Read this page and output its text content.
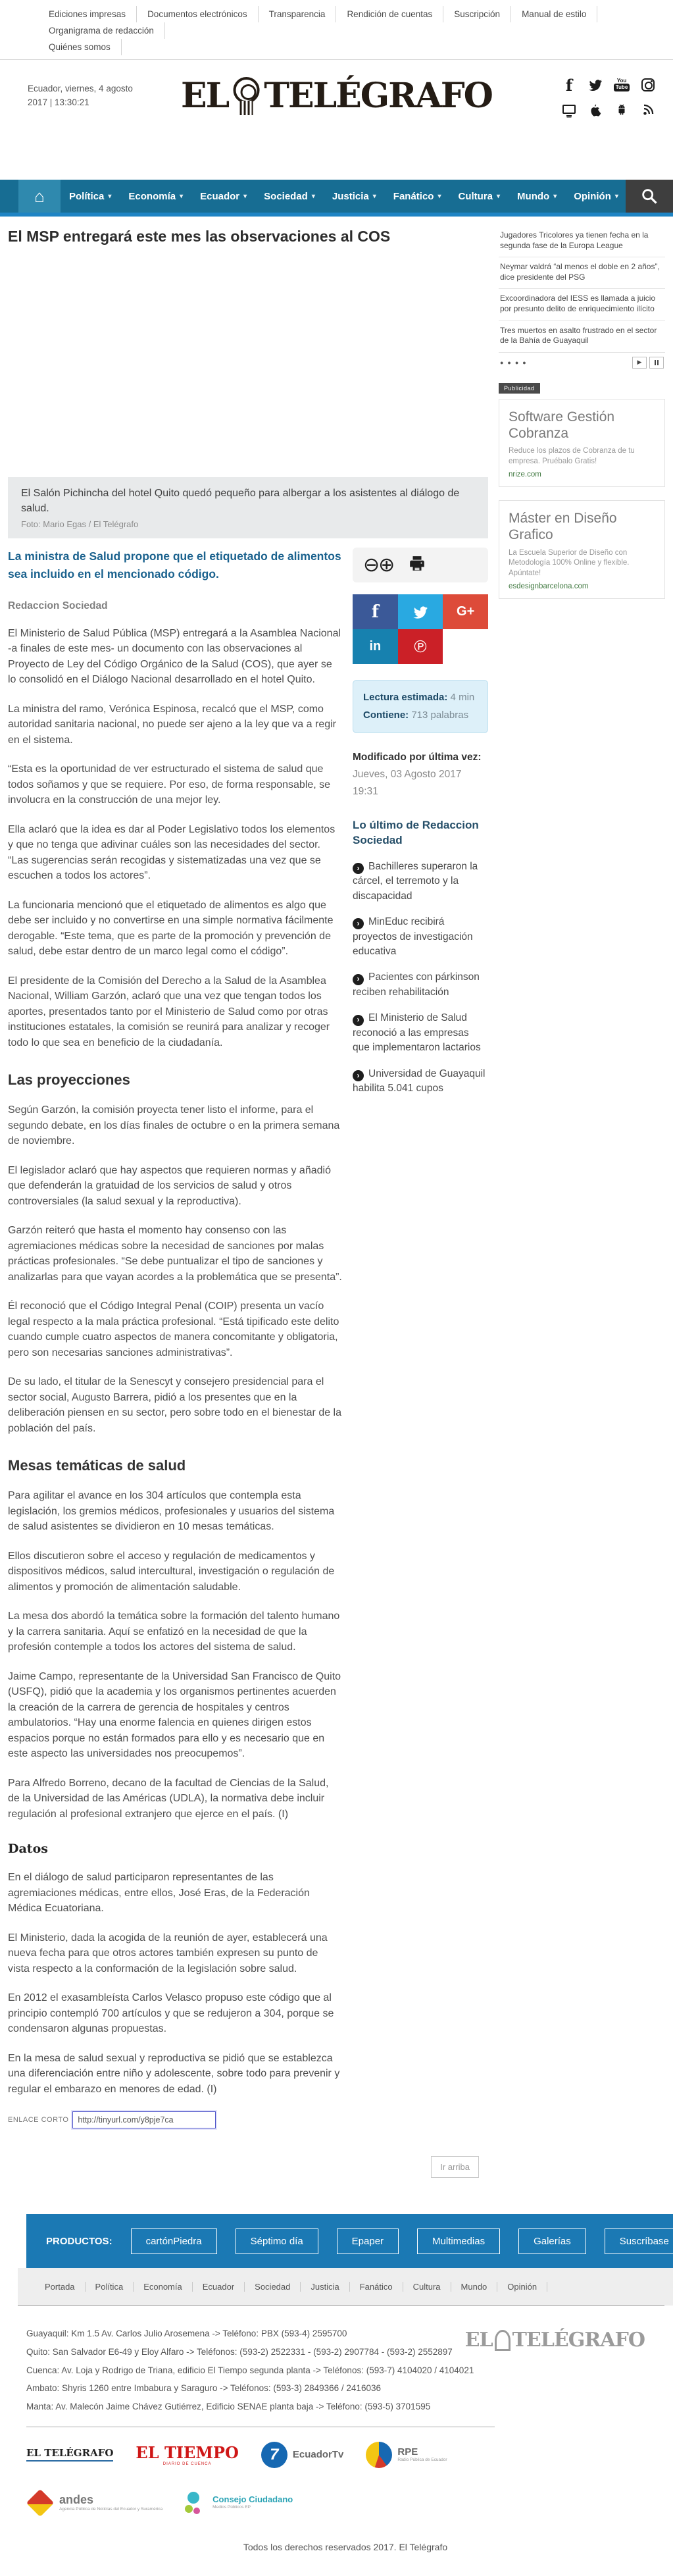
Ediciones impresas	Documentos electrónicos	Transparencia	Rendición de cuentas	Suscripción	Manual de estilo
Organigrama de redacción
Quiénes somos
Ecuador, viernes, 4 agosto
2017 | 13:30:21	EL TELÉGRAFO	f	You
Tube
⌂	Política ▾ Economía ▾ Ecuador ▾ Sociedad ▾ Justicia ▾ Fanático ▾ Cultura ▾ Mundo ▾ Opinión ▾
El MSP entregará este mes las observaciones al COS
El Salón Pichincha del hotel Quito quedó pequeño para albergar a los asistentes al diálogo de salud.
Foto: Mario Egas / El Telégrafo
La ministra de Salud propone que el etiquetado de alimentos sea incluido en el mencionado código.
Redaccion Sociedad
El Ministerio de Salud Pública (MSP) entregará a la Asamblea Nacional -a finales de este mes- un documento con las observaciones al Proyecto de Ley del Código Orgánico de la Salud (COS), que ayer se lo consolidó en el Diálogo Nacional desarrollado en el hotel Quito.
La ministra del ramo, Verónica Espinosa, recalcó que el MSP, como autoridad sanitaria nacional, no puede ser ajeno a la ley que va a regir en el sistema.
“Esta es la oportunidad de ver estructurado el sistema de salud que todos soñamos y que se requiere. Por eso, de forma responsable, se involucra en la construcción de una mejor ley.
Ella aclaró que la idea es dar al Poder Legislativo todos los elementos y que no tenga que adivinar cuáles son las necesidades del sector. “Las sugerencias serán recogidas y sistematizadas una vez que se escuchen a todos los actores”.
La funcionaria mencionó que el etiquetado de alimentos es algo que debe ser incluido y no convertirse en una simple normativa fácilmente derogable. “Este tema, que es parte de la promoción y prevención de salud, debe estar dentro de un marco legal como el código”.
El presidente de la Comisión del Derecho a la Salud de la Asamblea Nacional, William Garzón, aclaró que una vez que tengan todos los aportes, presentados tanto por el Ministerio de Salud como por otras instituciones estatales, la comisión se reunirá para analizar y recoger todo lo que sea en beneficio de la ciudadanía.
Las proyecciones
Según Garzón, la comisión proyecta tener listo el informe, para el segundo debate, en los días finales de octubre o en la primera semana de noviembre.
El legislador aclaró que hay aspectos que requieren normas y añadió que defenderán la gratuidad de los servicios de salud y otros controversiales (la salud sexual y la reproductiva).
Garzón reiteró que hasta el momento hay consenso con las agremiaciones médicas sobre la necesidad de sanciones por malas prácticas profesionales. “Se debe puntualizar el tipo de sanciones y analizarlas para que vayan acordes a la problemática que se presenta”.
Él reconoció que el Código Integral Penal (COIP) presenta un vacío legal respecto a la mala práctica profesional. “Está tipificado este delito cuando cumple cuatro aspectos de manera concomitante y obligatoria, pero son necesarias sanciones administrativas”.
De su lado, el titular de la Senescyt y consejero presidencial para el sector social, Augusto Barrera, pidió a los presentes que en la deliberación piensen en su sector, pero sobre todo en el bienestar de la población del país.
Mesas temáticas de salud
Para agilitar el avance en los 304 artículos que contempla esta legislación, los gremios médicos, profesionales y usuarios del sistema de salud asistentes se dividieron en 10 mesas temáticas.
Ellos discutieron sobre el acceso y regulación de medicamentos y dispositivos médicos, salud intercultural, investigación o regulación de alimentos y promoción de alimentación saludable.
La mesa dos abordó la temática sobre la formación del talento humano y la carrera sanitaria. Aquí se enfatizó en la necesidad de que la profesión contemple a todos los actores del sistema de salud.
Jaime Campo, representante de la Universidad San Francisco de Quito (USFQ), pidió que la academia y los organismos pertinentes acuerden la creación de la carrera de gerencia de hospitales y centros ambulatorios. “Hay una enorme falencia en quienes dirigen estos espacios porque no están formados para ello y es necesario que en este aspecto las universidades nos preocupemos”.
Para Alfredo Borreno, decano de la facultad de Ciencias de la Salud, de la Universidad de las Américas (UDLA), la normativa debe incluir regulación al profesional extranjero que ejerce en el país. (I)
Datos
En el diálogo de salud participaron representantes de las agremiaciones médicas, entre ellos, José Eras, de la Federación Médica Ecuatoriana.
El Ministerio, dada la acogida de la reunión de ayer, establecerá una nueva fecha para que otros actores también expresen su punto de vista respecto a la conformación de la legislación sobre salud.
En 2012 el exasambleísta Carlos Velasco propuso este código que al principio contempló 700 artículos y que se redujeron a 304, porque se condensaron algunas propuestas.
En la mesa de salud sexual y reproductiva se pidió que se establezca una diferenciación entre niño y adolescente, sobre todo para prevenir y regular el embarazo en menores de edad. (I)
ENLACE CORTO
http://tinyurl.com/y8pje7ca
⊖⊕
f	G+
in	℗
Lectura estimada: 4 min
Contiene: 713 palabras
Modificado por última vez:
Jueves, 03 Agosto 2017 19:31
Lo último de Redaccion Sociedad
› Bachilleres superaron la cárcel, el terremoto y la discapacidad
› MinEduc recibirá proyectos de investigación educativa
› Pacientes con párkinson reciben rehabilitación
› El Ministerio de Salud reconoció a las empresas que implementaron lactarios
› Universidad de Guayaquil habilita 5.041 cupos
Ir arriba
Jugadores Tricolores ya tienen fecha en la segunda fase de la Europa League
Neymar valdrá “al menos el doble en 2 años”, dice presidente del PSG
Excoordinadora del IESS es llamada a juicio por presunto delito de enriquecimiento ilícito
Tres muertos en asalto frustrado en el sector de la Bahía de Guayaquil
●●●●	▶
Publicidad
Software Gestión Cobranza
Reduce los plazos de Cobranza de tu empresa. Pruébalo Gratis!
nrize.com
Máster en Diseño Grafico
La Escuela Superior de Diseño con Metodología 100% Online y flexible. Apúntate!
esdesignbarcelona.com
PRODUCTOS:	cartónPiedra	Séptimo día	Epaper	Multimedias	Galerías	Suscríbase
Portada	Política	Economía	Ecuador	Sociedad	Justicia	Fanático	Cultura	Mundo	Opinión
Guayaquil: Km 1.5 Av. Carlos Julio Arosemena -> Teléfono: PBX (593-4) 2595700
Quito: San Salvador E6-49 y Eloy Alfaro -> Teléfonos: (593-2) 2522331 - (593-2) 2907784 - (593-2) 2552897
Cuenca: Av. Loja y Rodrigo de Triana, edificio El Tiempo segunda planta -> Teléfonos: (593-7) 4104020 / 4104021
Ambato: Shyris 1260 entre Imbabura y Saraguro -> Teléfonos: (593-3) 2849366 / 2416036
Manta: Av. Malecón Jaime Chávez Gutiérrez, Edificio SENAE planta baja -> Teléfono: (593-5) 3701595
EL TELÉGRAFO
EL TELÉGRAFO EL TIEMPO
DIARIO DE CUENCA
7	EcuadorTv	RPE
Radio Pública de Ecuador
andes
Agencia Pública de Noticias del Ecuador y Suramérica
Consejo Ciudadano
Medios Públicos EP
Todos los derechos reservados 2017. El Telégrafo
